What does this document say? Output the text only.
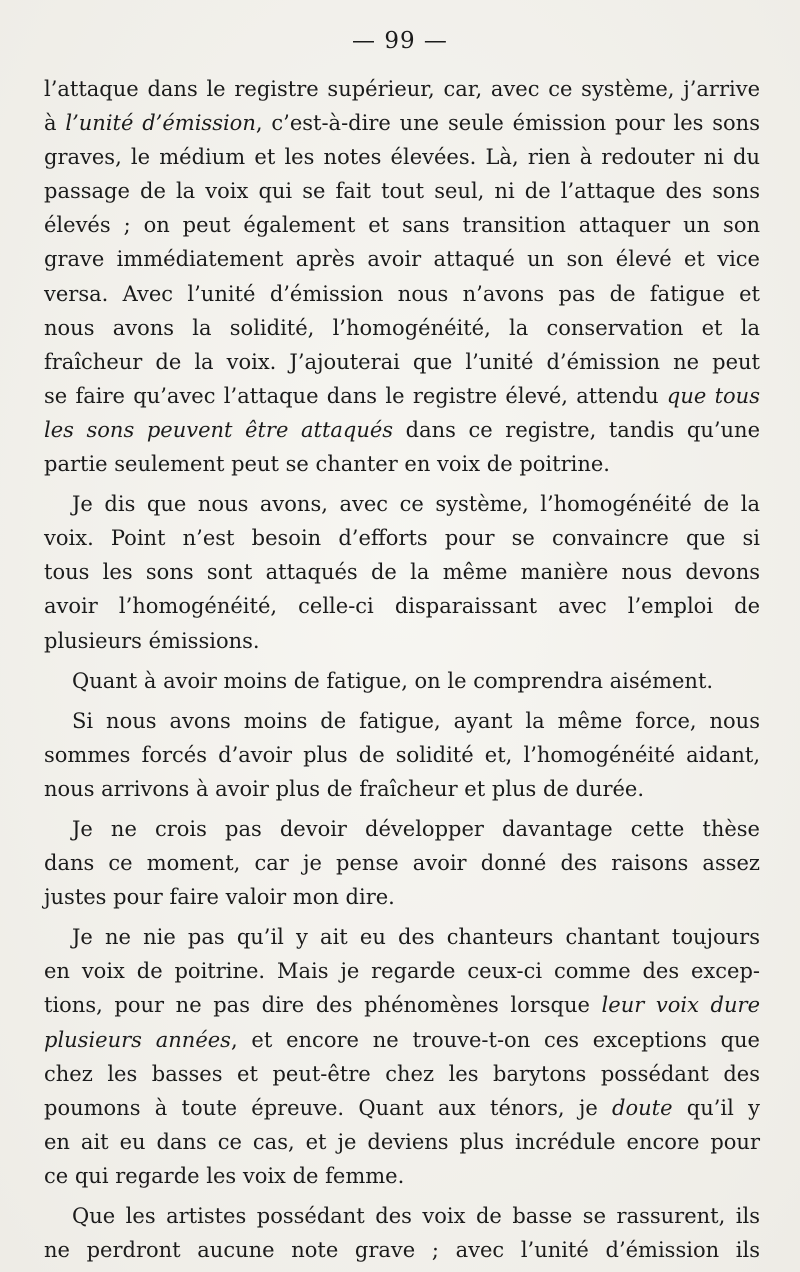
— 99 —
l’attaque dans le registre supérieur, car, avec ce système, j’arrive
à l’unité d’émission, c’est-à-dire une seule émission pour les sons
graves, le médium et les notes élevées. Là, rien à redouter ni du
passage de la voix qui se fait tout seul, ni de l’attaque des sons
élevés ; on peut également et sans transition attaquer un son
grave immédiatement après avoir attaqué un son élevé et vice
versa. Avec l’unité d’émission nous n’avons pas de fatigue et
nous avons la solidité, l’homogénéité, la conservation et la
fraîcheur de la voix. J’ajouterai que l’unité d’émission ne peut
se faire qu’avec l’attaque dans le registre élevé, attendu que tous
les sons peuvent être attaqués dans ce registre, tandis qu’une
partie seulement peut se chanter en voix de poitrine.
Je dis que nous avons, avec ce système, l’homogénéité de la
voix. Point n’est besoin d’efforts pour se convaincre que si
tous les sons sont attaqués de la même manière nous devons
avoir l’homogénéité, celle-ci disparaissant avec l’emploi de
plusieurs émissions.
Quant à avoir moins de fatigue, on le comprendra aisément.
Si nous avons moins de fatigue, ayant la même force, nous
sommes forcés d’avoir plus de solidité et, l’homogénéité aidant,
nous arrivons à avoir plus de fraîcheur et plus de durée.
Je ne crois pas devoir développer davantage cette thèse
dans ce moment, car je pense avoir donné des raisons assez
justes pour faire valoir mon dire.
Je ne nie pas qu’il y ait eu des chanteurs chantant toujours
en voix de poitrine. Mais je regarde ceux-ci comme des excep-
tions, pour ne pas dire des phénomènes lorsque leur voix dure
plusieurs années, et encore ne trouve-t-on ces exceptions que
chez les basses et peut-être chez les barytons possédant des
poumons à toute épreuve. Quant aux ténors, je doute qu’il y
en ait eu dans ce cas, et je deviens plus incrédule encore pour
ce qui regarde les voix de femme.
Que les artistes possédant des voix de basse se rassurent, ils
ne perdront aucune note grave ; avec l’unité d’émission ils
